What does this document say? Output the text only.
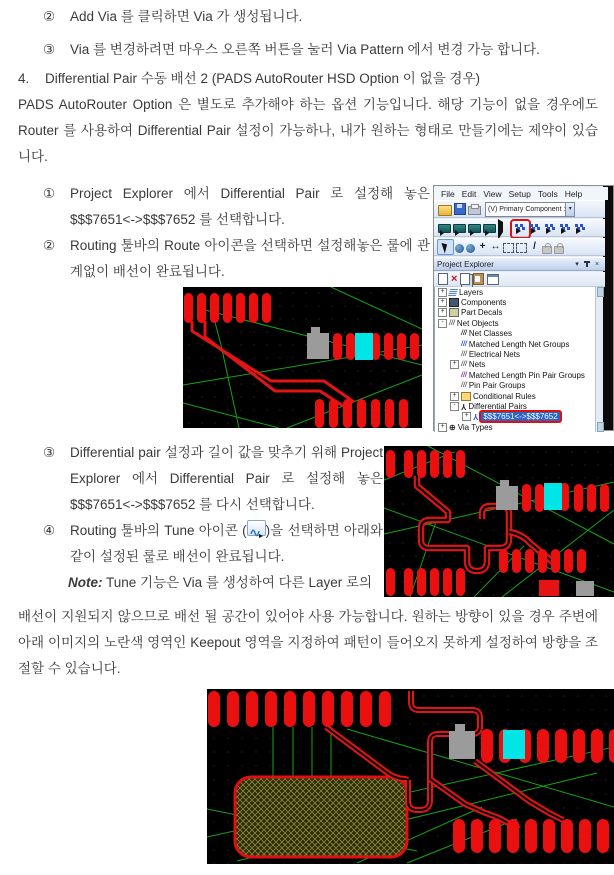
②	Add Via 를 클릭하면 Via 가 생성됩니다.
③	Via 를 변경하려면 마우스 오른쪽 버튼을 눌러 Via Pattern 에서 변경 가능 합니다.
4.	Differential Pair 수동 배선 2 (PADS AutoRouter HSD Option 이 없을 경우)
PADS AutoRouter Option 은 별도로 추가해야 하는 옵션 기능입니다. 해당 기능이 없을 경우에도 Router 를 사용하여 Differential Pair 설정이 가능하나, 내가 원하는 형태로 만들기에는 제약이 있습니다.
①	Project Explorer 에서 Differential Pair 로 설정해 놓은 $$$7651<->$$$7652 를 선택합니다.
②	Routing 툴바의 Route 아이콘을 선택하면 설정해놓은 룰에 관계없이 배선이 완료됩니다.
File Edit View Setup Tools Help
(V) Primary Component : ▾
+ ↔	/
Project Explorer	▾	×
×
+	Layers
+	Components
+	Part Decals
- /// Net Objects
/// Net Classes
/// Matched Length Net Groups
/// Electrical Nets
+ /// Nets
/// Matched Length Pin Pair Groups
/// Pin Pair Groups
+	Conditional Rules
- Y Differential Pairs
+ Y $$$7651<->$$$7652
+ ⊕ Via Types
③	Differential pair 설정과 길이 값을 맞추기 위해 Project Explorer 에서 Differential Pair 로 설정해 놓은 $$$7651<->$$$7652 를 다시 선택합니다.
④	Routing 툴바의 Tune 아이콘 ( )을 선택하면 아래와 같이 설정된 룰로 배선이 완료됩니다.
Note: Tune 기능은 Via 를 생성하여 다른 Layer 로의
배선이 지원되지 않으므로 배선 될 공간이 있어야 사용 가능합니다. 원하는 방향이 있을 경우 주변에 아래 이미지의 노란색 영역인 Keepout 영역을 지정하여 패턴이 들어오지 못하게 설정하여 방향을 조절할 수 있습니다.
